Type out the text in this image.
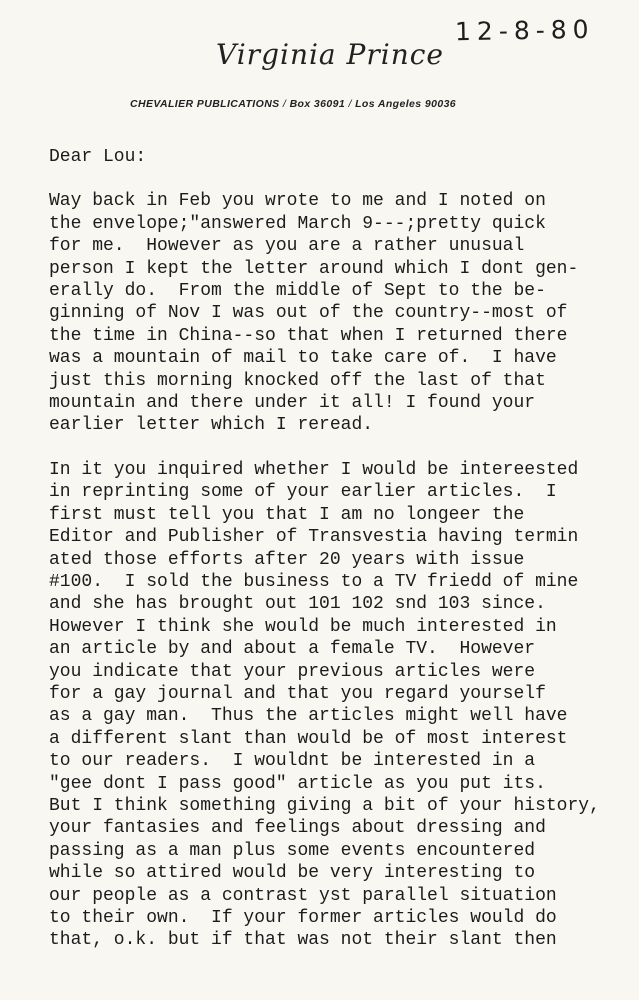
12-8-80
Virginia Prince
CHEVALIER PUBLICATIONS / Box 36091 / Los Angeles 90036

Dear Lou:

Way back in Feb you wrote to me and I noted on
the envelope;"answered March 9---;pretty quick
for me.  However as you are a rather unusual
person I kept the letter around which I dont gen-
erally do.  From the middle of Sept to the be-
ginning of Nov I was out of the country--most of
the time in China--so that when I returned there
was a mountain of mail to take care of.  I have
just this morning knocked off the last of that
mountain and there under it all! I found your
earlier letter which I reread.

In it you inquired whether I would be intereested
in reprinting some of your earlier articles.  I
first must tell you that I am no longeer the
Editor and Publisher of Transvestia having termin
ated those efforts after 20 years with issue
#100.  I sold the business to a TV friedd of mine
and she has brought out 101 102 snd 103 since.
However I think she would be much interested in
an article by and about a female TV.  However
you indicate that your previous articles were
for a gay journal and that you regard yourself
as a gay man.  Thus the articles might well have
a different slant than would be of most interest
to our readers.  I wouldnt be interested in a
"gee dont I pass good" article as you put its.
But I think something giving a bit of your history,
your fantasies and feelings about dressing and
passing as a man plus some events encountered
while so attired would be very interesting to
our people as a contrast yst parallel situation
to their own.  If your former articles would do
that, o.k. but if that was not their slant then
